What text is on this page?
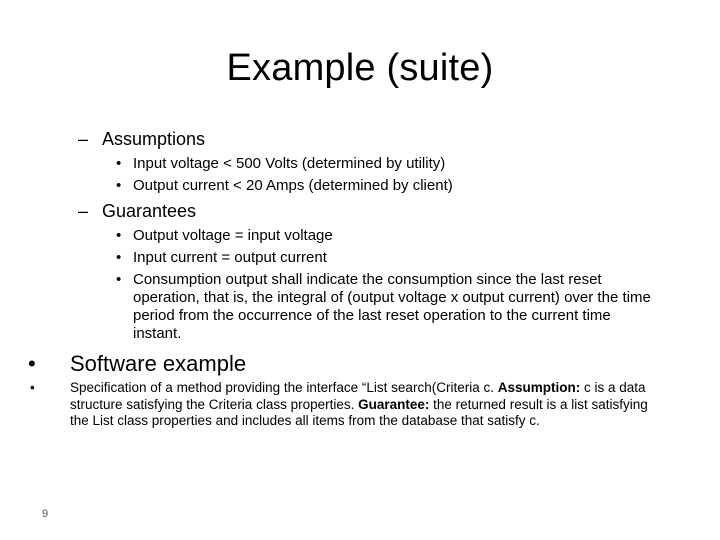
Example (suite)
– Assumptions
• Input voltage < 500 Volts (determined by utility)
• Output current < 20 Amps (determined by client)
– Guarantees
• Output voltage = input voltage
• Input current = output current
• Consumption output shall indicate the consumption since the last reset operation, that is, the integral of (output voltage x output current) over the time period from the occurrence of the last reset operation to the current time instant.
• Software example
•	Specification of a method providing the interface “List search(Criteria c. Assumption: c is a data structure satisfying the Criteria class properties. Guarantee: the returned result is a list satisfying the List class properties and includes all items from the database that satisfy c.
9
